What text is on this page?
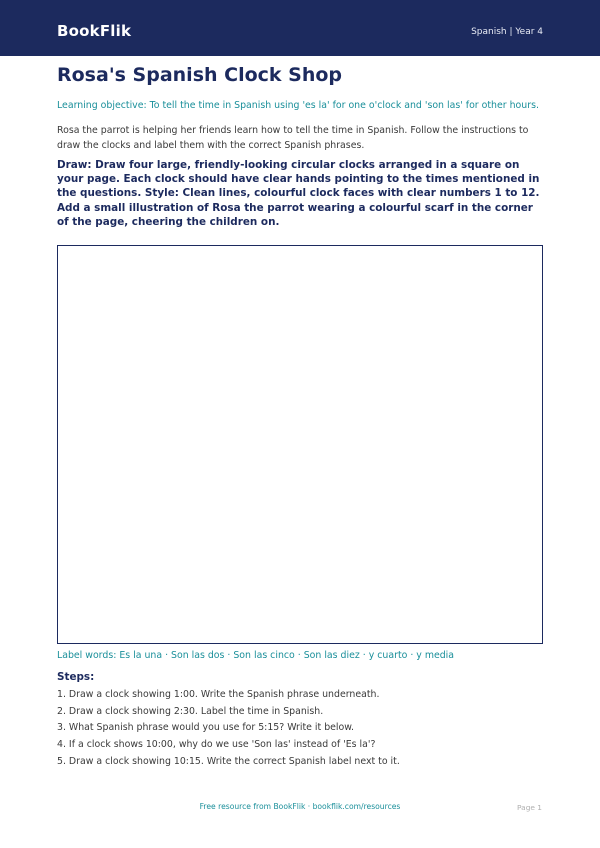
BookFlik	Spanish | Year 4
Rosa's Spanish Clock Shop
Learning objective: To tell the time in Spanish using 'es la' for one o'clock and 'son las' for other hours.
Rosa the parrot is helping her friends learn how to tell the time in Spanish. Follow the instructions to draw the clocks and label them with the correct Spanish phrases.
Draw: Draw four large, friendly-looking circular clocks arranged in a square on your page. Each clock should have clear hands pointing to the times mentioned in the questions. Style: Clean lines, colourful clock faces with clear numbers 1 to 12. Add a small illustration of Rosa the parrot wearing a colourful scarf in the corner of the page, cheering the children on.
Label words: Es la una · Son las dos · Son las cinco · Son las diez · y cuarto · y media
Steps:
1. Draw a clock showing 1:00. Write the Spanish phrase underneath.
2. Draw a clock showing 2:30. Label the time in Spanish.
3. What Spanish phrase would you use for 5:15? Write it below.
4. If a clock shows 10:00, why do we use 'Son las' instead of 'Es la'?
5. Draw a clock showing 10:15. Write the correct Spanish label next to it.
Free resource from BookFlik · bookflik.com/resources	Page 1
